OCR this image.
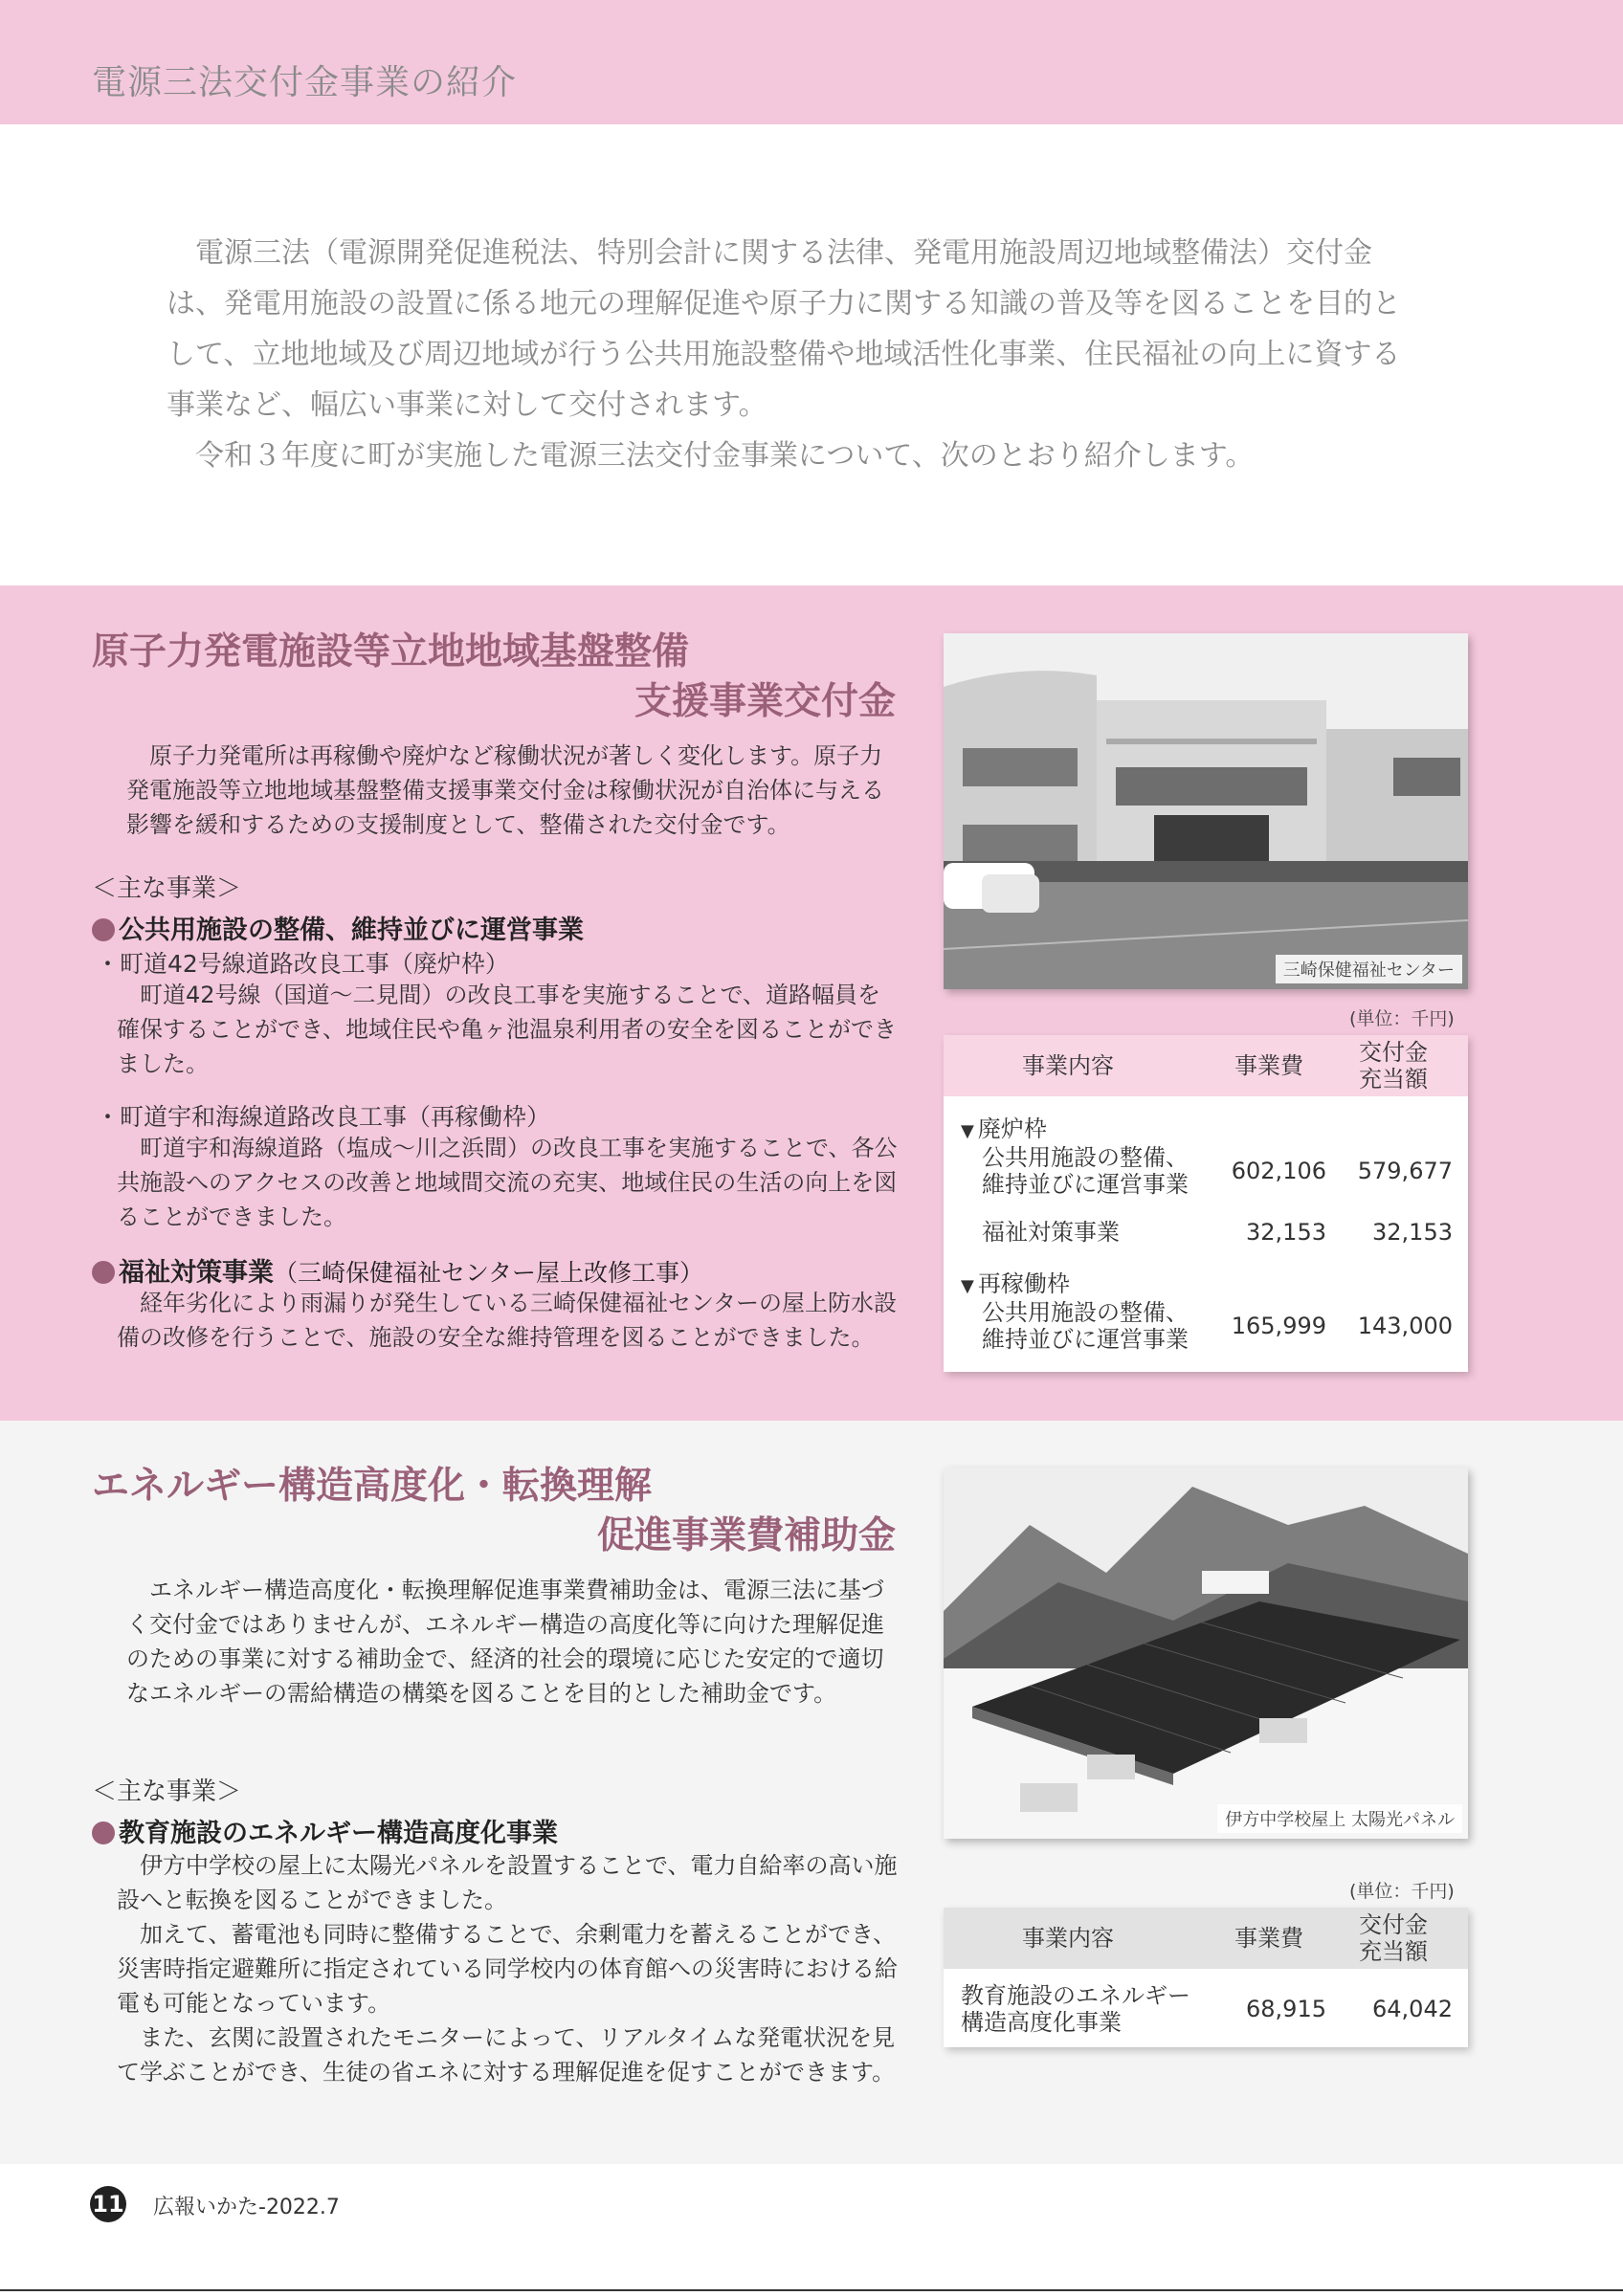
電源三法交付金事業の紹介

電源三法（電源開発促進税法、特別会計に関する法律、発電用施設周辺地域整備法）交付金は、発電用施設の設置に係る地元の理解促進や原子力に関する知識の普及等を図ることを目的として、立地地域及び周辺地域が行う公共用施設整備や地域活性化事業、住民福祉の向上に資する事業など、幅広い事業に対して交付されます。

令和３年度に町が実施した電源三法交付金事業について、次のとおり紹介します。

原子力発電施設等立地地域基盤整備
支援事業交付金
原子力発電所は再稼働や廃炉など稼働状況が著しく変化します。原子力発電施設等立地地域基盤整備支援事業交付金は稼働状況が自治体に与える影響を緩和するための支援制度として、整備された交付金です。
＜主な事業＞
公共用施設の整備、維持並びに運営事業
・町道42号線道路改良工事（廃炉枠）
町道42号線（国道～二見間）の改良工事を実施することで、道路幅員を確保することができ、地域住民や亀ヶ池温泉利用者の安全を図ることができました。
・町道宇和海線道路改良工事（再稼働枠）
町道宇和海線道路（塩成～川之浜間）の改良工事を実施することで、各公共施設へのアクセスの改善と地域間交流の充実、地域住民の生活の向上を図ることができました。
福祉対策事業（三崎保健福祉センター屋上改修工事）
経年劣化により雨漏りが発生している三崎保健福祉センターの屋上防水設備の改修を行うことで、施設の安全な維持管理を図ることができました。
三崎保健福祉センター
(単位：千円)
事業内容	事業費	交付金
充当額
▼ 廃炉枠
公共用施設の整備、
維持並びに運営事業 602,106 579,677
福祉対策事業	32,153 32,153
▼ 再稼働枠
公共用施設の整備、
維持並びに運営事業 165,999 143,000
エネルギー構造高度化・転換理解
促進事業費補助金
エネルギー構造高度化・転換理解促進事業費補助金は、電源三法に基づく交付金ではありませんが、エネルギー構造の高度化等に向けた理解促進のための事業に対する補助金で、経済的社会的環境に応じた安定的で適切なエネルギーの需給構造の構築を図ることを目的とした補助金です。
＜主な事業＞
教育施設のエネルギー構造高度化事業
伊方中学校の屋上に太陽光パネルを設置することで、電力自給率の高い施設へと転換を図ることができました。
加えて、蓄電池も同時に整備することで、余剰電力を蓄えることができ、災害時指定避難所に指定されている同学校内の体育館への災害時における給電も可能となっています。
また、玄関に設置されたモニターによって、リアルタイムな発電状況を見て学ぶことができ、生徒の省エネに対する理解促進を促すことができます。
伊方中学校屋上 太陽光パネル
(単位：千円)
事業内容	事業費	交付金
充当額
教育施設のエネルギー
構造高度化事業	68,915 64,042
11 広報いかた-2022.7
